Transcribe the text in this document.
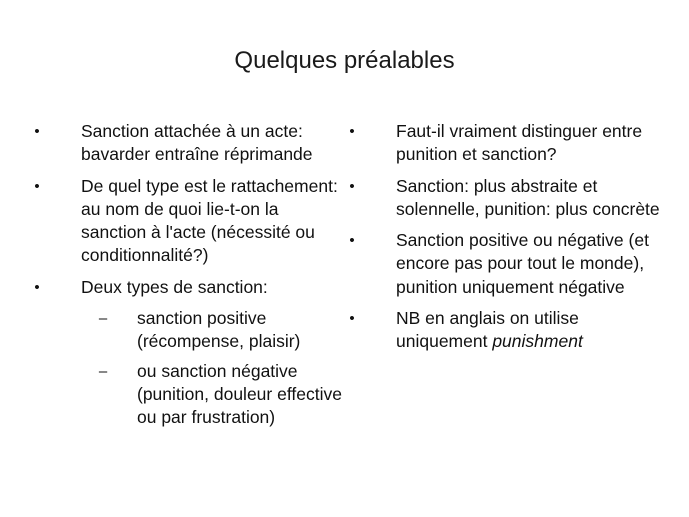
Quelques préalables
• Sanction attachée à un acte: bavarder entraîne réprimande
• De quel type est le rattachement: au nom de quoi lie-t-on la sanction à l'acte (nécessité ou conditionnalité?)
• Deux types de sanction:
– sanction positive (récompense, plaisir)
– ou sanction négative (punition, douleur effective ou par frustration)
• Faut-il vraiment distinguer entre punition et sanction?
• Sanction: plus abstraite et solennelle, punition: plus concrète
• Sanction positive ou négative (et encore pas pour tout le monde), punition uniquement négative
• NB en anglais on utilise uniquement punishment
